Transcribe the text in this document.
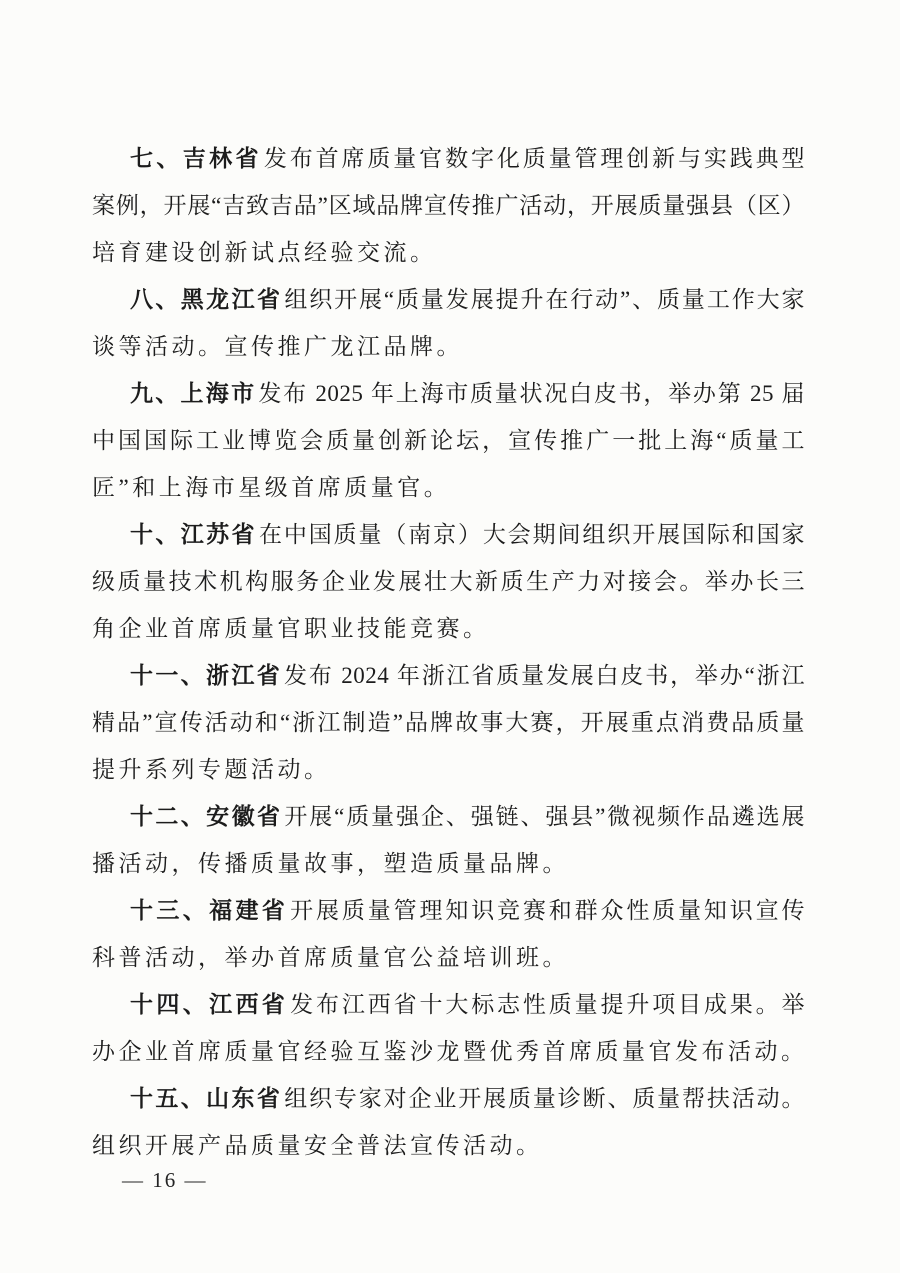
七、吉林省发布首席质量官数字化质量管理创新与实践典型
案例，开展“吉致吉品”区域品牌宣传推广活动，开展质量强县（区）
培育建设创新试点经验交流。
八、黑龙江省组织开展“质量发展提升在行动”、质量工作大家
谈等活动。宣传推广龙江品牌。
九、上海市发布 2025 年上海市质量状况白皮书，举办第 25 届
中国国际工业博览会质量创新论坛，宣传推广一批上海“质量工
匠”和上海市星级首席质量官。
十、江苏省在中国质量（南京）大会期间组织开展国际和国家
级质量技术机构服务企业发展壮大新质生产力对接会。举办长三
角企业首席质量官职业技能竞赛。
十一、浙江省发布 2024 年浙江省质量发展白皮书，举办“浙江
精品”宣传活动和“浙江制造”品牌故事大赛，开展重点消费品质量
提升系列专题活动。
十二、安徽省开展“质量强企、强链、强县”微视频作品遴选展
播活动，传播质量故事，塑造质量品牌。
十三、福建省开展质量管理知识竞赛和群众性质量知识宣传
科普活动，举办首席质量官公益培训班。
十四、江西省发布江西省十大标志性质量提升项目成果。举
办企业首席质量官经验互鉴沙龙暨优秀首席质量官发布活动。
十五、山东省组织专家对企业开展质量诊断、质量帮扶活动。
组织开展产品质量安全普法宣传活动。
— 16 —
